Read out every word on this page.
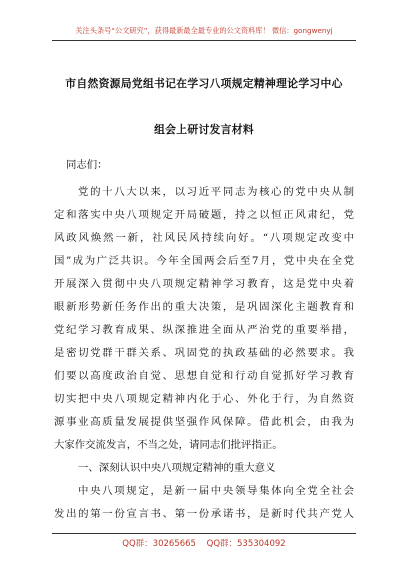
关注头条号“公文研究”，获得最新最全最专业的公文资料库！ 微信：gongwenyj
市自然资源局党组书记在学习八项规定精神理论学习中心
组会上研讨发言材料
同志们：
党的十八大以来，以习近平同志为核心的党中央从制
定和落实中央八项规定开局破题，持之以恒正风肃纪，党
风政风焕然一新，社风民风持续向好。“八项规定改变中
国”成为广泛共识。今年全国两会后至7月，党中央在全党
开展深入贯彻中央八项规定精神学习教育，这是党中央着
眼新形势新任务作出的重大决策，是巩固深化主题教育和
党纪学习教育成果、纵深推进全面从严治党的重要举措，
是密切党群干群关系、巩固党的执政基础的必然要求。我
们要以高度政治自觉、思想自觉和行动自觉抓好学习教育
切实把中央八项规定精神内化于心、外化于行，为自然资
源事业高质量发展提供坚强作风保障。借此机会，由我为
大家作交流发言，不当之处，请同志们批评指正。
一、深刻认识中央八项规定精神的重大意义
中央八项规定，是新一届中央领导集体向全党全社会
发出的第一份宣言书、第一份承诺书，是新时代共产党人
QQ群：30265665 QQ群：535304092
